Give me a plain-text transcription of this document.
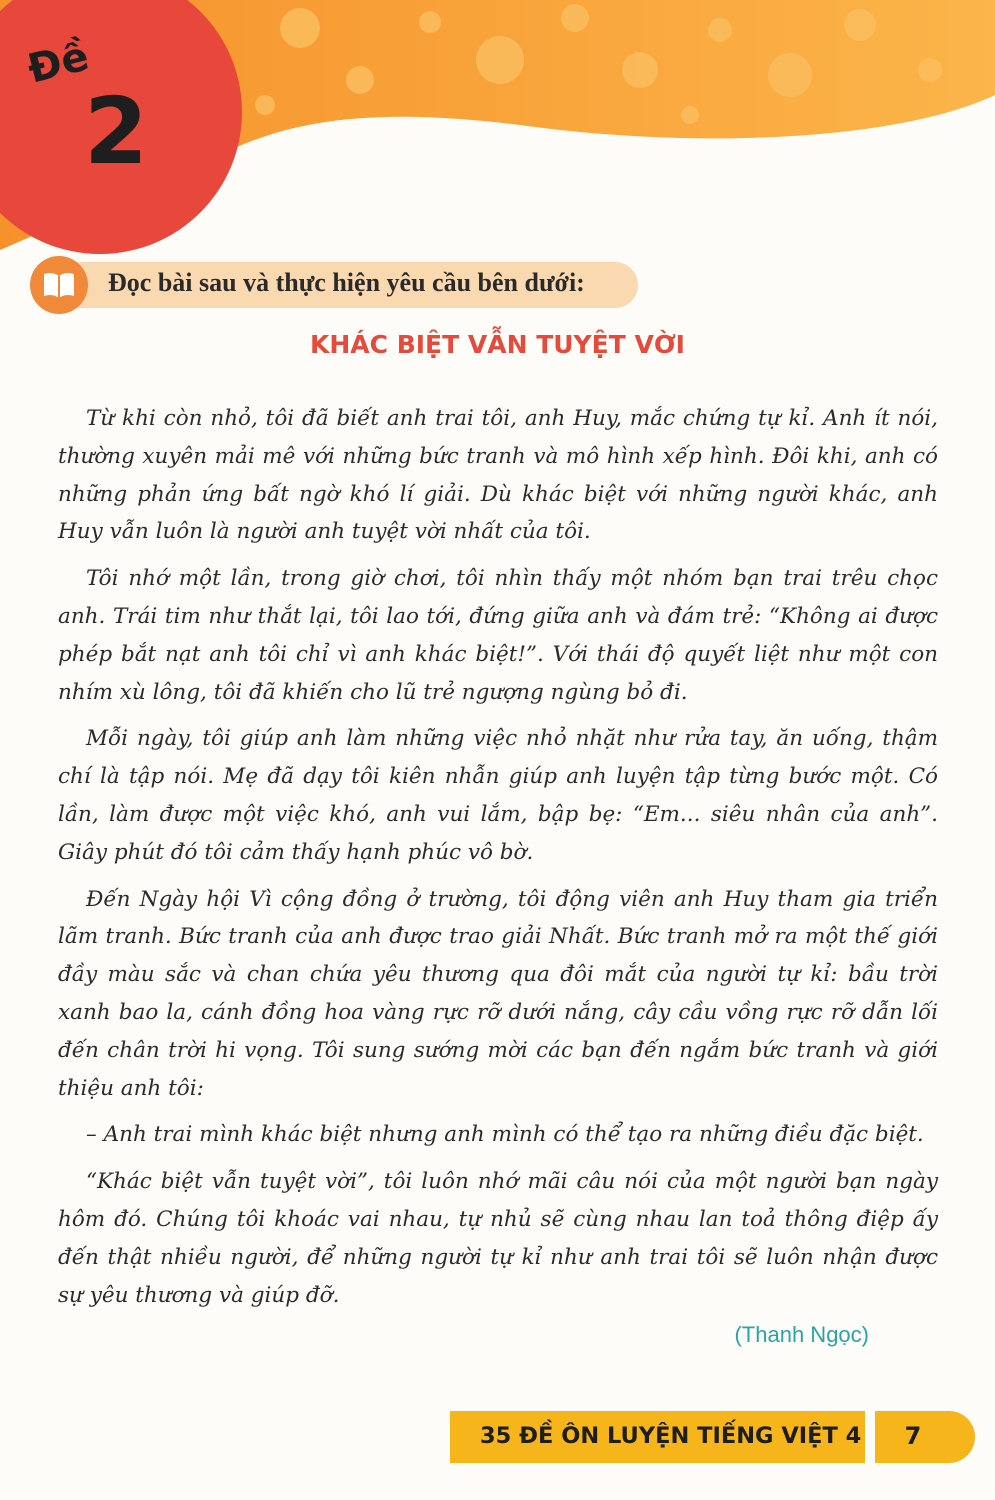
Đề
2
Đọc bài sau và thực hiện yêu cầu bên dưới:
KHÁC BIỆT VẪN TUYỆT VỜI

Từ khi còn nhỏ, tôi đã biết anh trai tôi, anh Huy, mắc chứng tự kỉ. Anh ít nói, thường xuyên mải mê với những bức tranh và mô hình xếp hình. Đôi khi, anh có những phản ứng bất ngờ khó lí giải. Dù khác biệt với những người khác, anh Huy vẫn luôn là người anh tuyệt vời nhất của tôi.

Tôi nhớ một lần, trong giờ chơi, tôi nhìn thấy một nhóm bạn trai trêu chọc anh. Trái tim như thắt lại, tôi lao tới, đứng giữa anh và đám trẻ: “Không ai được phép bắt nạt anh tôi chỉ vì anh khác biệt!”. Với thái độ quyết liệt như một con nhím xù lông, tôi đã khiến cho lũ trẻ ngượng ngùng bỏ đi.

Mỗi ngày, tôi giúp anh làm những việc nhỏ nhặt như rửa tay, ăn uống, thậm chí là tập nói. Mẹ đã dạy tôi kiên nhẫn giúp anh luyện tập từng bước một. Có lần, làm được một việc khó, anh vui lắm, bập bẹ: “Em... siêu nhân của anh”. Giây phút đó tôi cảm thấy hạnh phúc vô bờ.

Đến Ngày hội Vì cộng đồng ở trường, tôi động viên anh Huy tham gia triển lãm tranh. Bức tranh của anh được trao giải Nhất. Bức tranh mở ra một thế giới đầy màu sắc và chan chứa yêu thương qua đôi mắt của người tự kỉ: bầu trời xanh bao la, cánh đồng hoa vàng rực rỡ dưới nắng, cây cầu vồng rực rỡ dẫn lối đến chân trời hi vọng. Tôi sung sướng mời các bạn đến ngắm bức tranh và giới thiệu anh tôi:

– Anh trai mình khác biệt nhưng anh mình có thể tạo ra những điều đặc biệt.

“Khác biệt vẫn tuyệt vời”, tôi luôn nhớ mãi câu nói của một người bạn ngày hôm đó. Chúng tôi khoác vai nhau, tự nhủ sẽ cùng nhau lan toả thông điệp ấy đến thật nhiều người, để những người tự kỉ như anh trai tôi sẽ luôn nhận được sự yêu thương và giúp đỡ.

(Thanh Ngọc)
35 ĐỀ ÔN LUYỆN TIẾNG VIỆT 4	7
